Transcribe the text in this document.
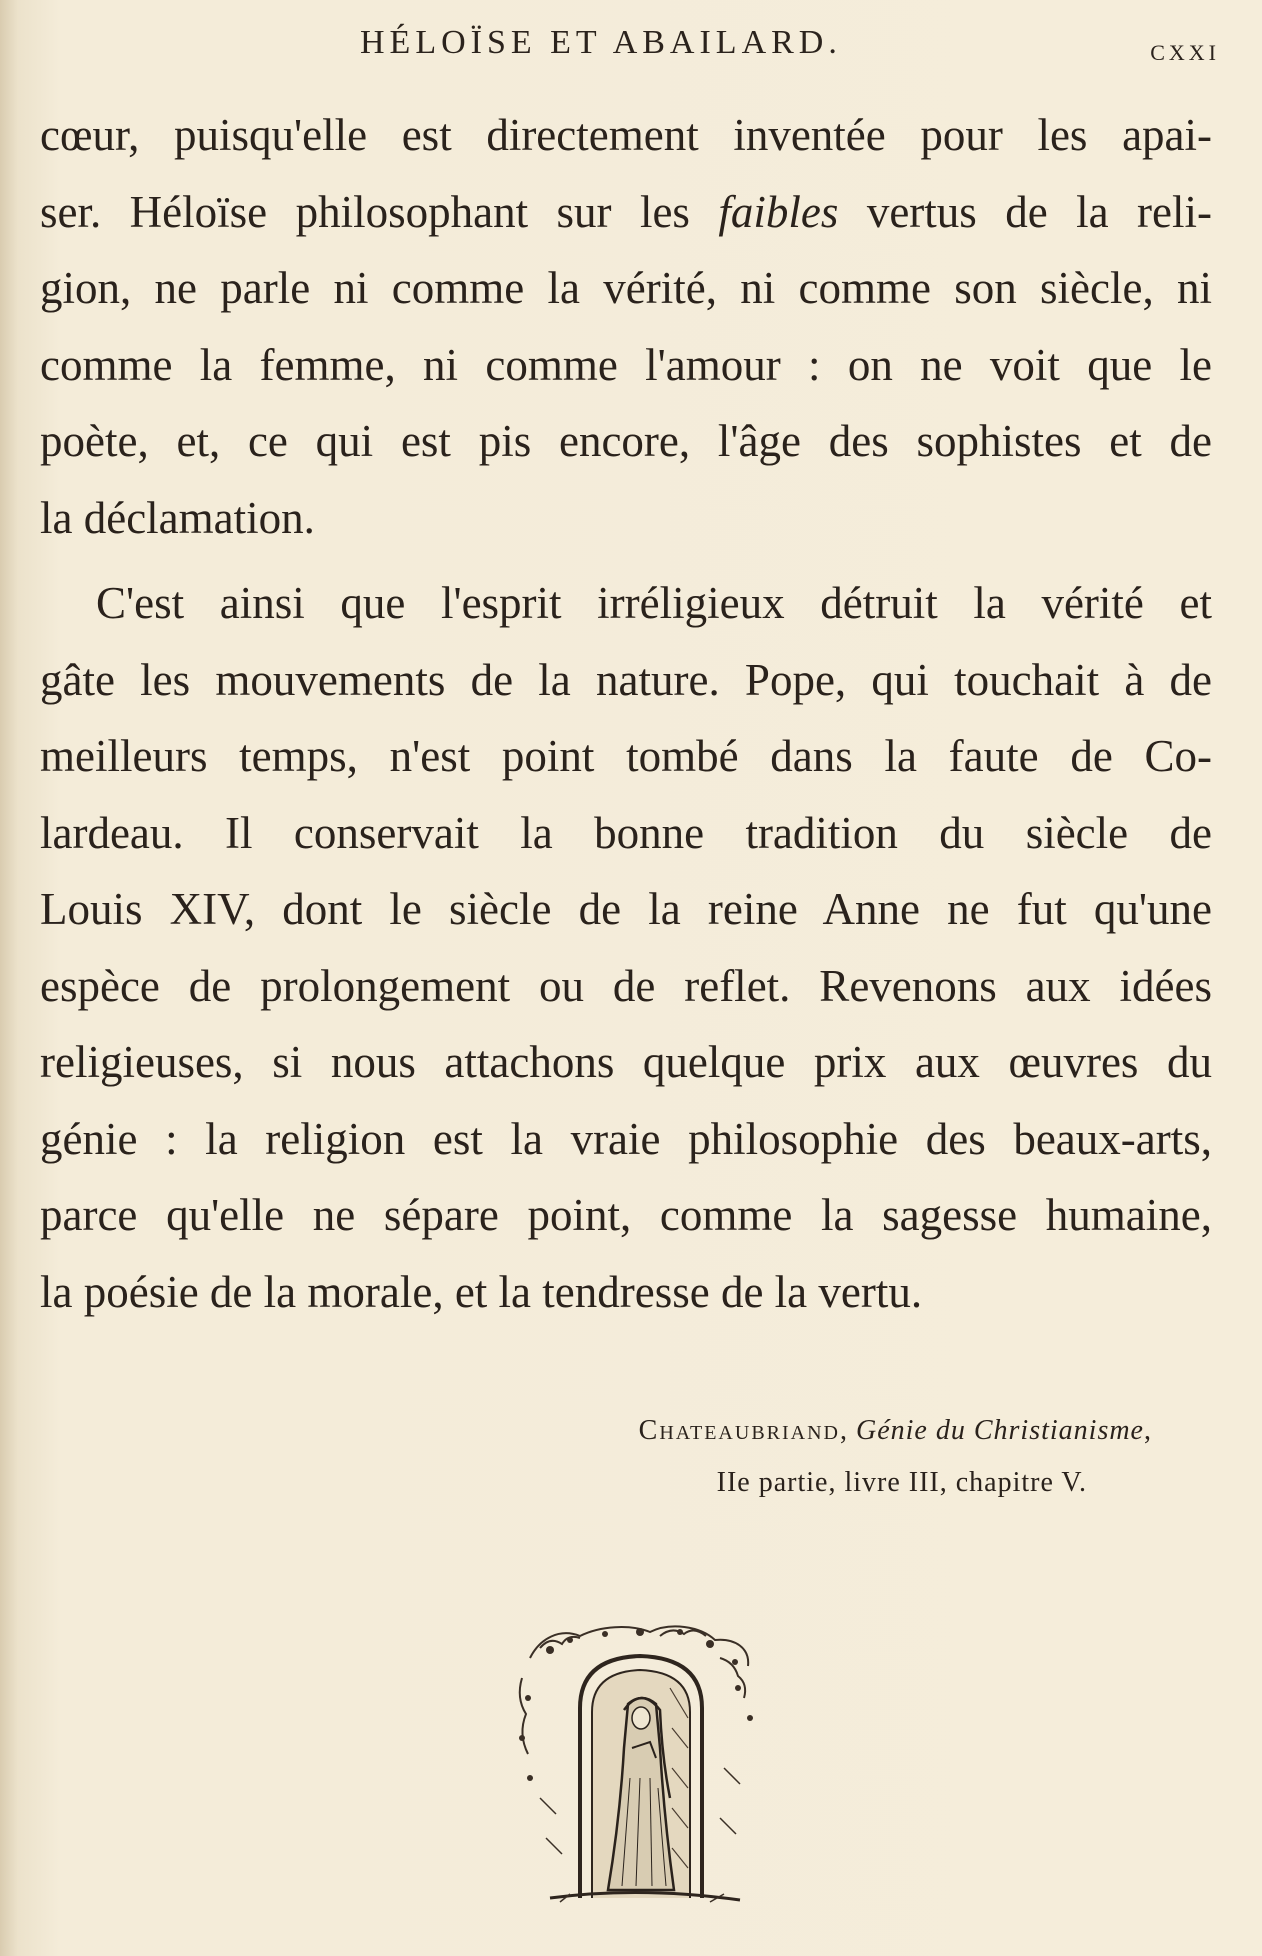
HÉLOÏSE ET ABAILARD.	CXXI
cœur, puisqu'elle est directement inventée pour les apai-
ser. Héloïse philosophant sur les faibles vertus de la reli-
gion, ne parle ni comme la vérité, ni comme son siècle, ni
comme la femme, ni comme l'amour : on ne voit que le
poète, et, ce qui est pis encore, l'âge des sophistes et de
la déclamation.
C'est ainsi que l'esprit irréligieux détruit la vérité et
gâte les mouvements de la nature. Pope, qui touchait à de
meilleurs temps, n'est point tombé dans la faute de Co-
lardeau. Il conservait la bonne tradition du siècle de
Louis XIV, dont le siècle de la reine Anne ne fut qu'une
espèce de prolongement ou de reflet. Revenons aux idées
religieuses, si nous attachons quelque prix aux œuvres du
génie : la religion est la vraie philosophie des beaux-arts,
parce qu'elle ne sépare point, comme la sagesse humaine,
la poésie de la morale, et la tendresse de la vertu.
Chateaubriand, Génie du Christianisme,
IIe partie, livre III, chapitre V.
